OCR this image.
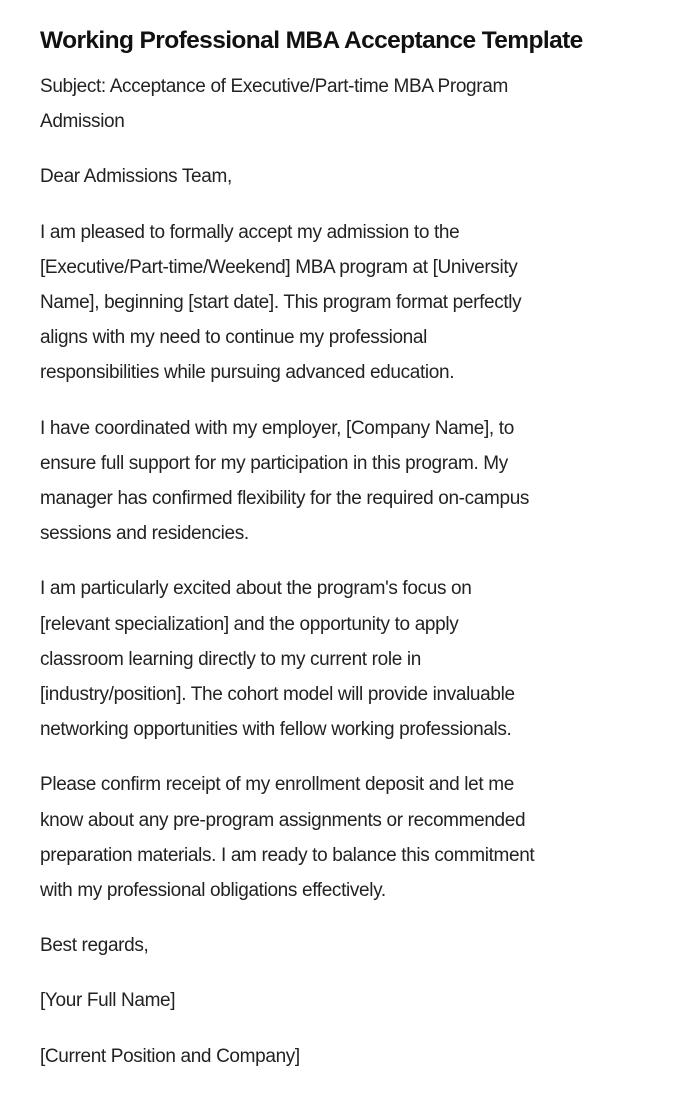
Working Professional MBA Acceptance Template

Subject: Acceptance of Executive/Part-time MBA Program
Admission

Dear Admissions Team,

I am pleased to formally accept my admission to the
[Executive/Part-time/Weekend] MBA program at [University
Name], beginning [start date]. This program format perfectly
aligns with my need to continue my professional
responsibilities while pursuing advanced education.

I have coordinated with my employer, [Company Name], to
ensure full support for my participation in this program. My
manager has confirmed flexibility for the required on-campus
sessions and residencies.

I am particularly excited about the program's focus on
[relevant specialization] and the opportunity to apply
classroom learning directly to my current role in
[industry/position]. The cohort model will provide invaluable
networking opportunities with fellow working professionals.

Please confirm receipt of my enrollment deposit and let me
know about any pre-program assignments or recommended
preparation materials. I am ready to balance this commitment
with my professional obligations effectively.

Best regards,

[Your Full Name]

[Current Position and Company]
